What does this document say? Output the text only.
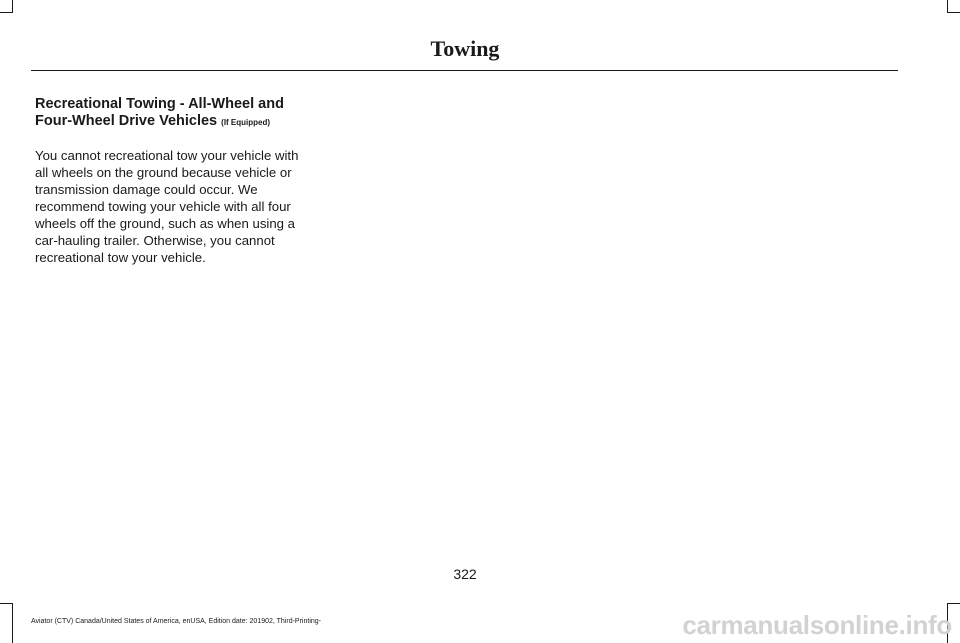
Towing
Recreational Towing - All-Wheel and Four-Wheel Drive Vehicles (If Equipped)

You cannot recreational tow your vehicle with all wheels on the ground because vehicle or transmission damage could occur. We recommend towing your vehicle with all four wheels off the ground, such as when using a car-hauling trailer. Otherwise, you cannot recreational tow your vehicle.

322
Aviator (CTV) Canada/United States of America, enUSA, Edition date: 201902, Third-Printing-	carmanualsonline.info
